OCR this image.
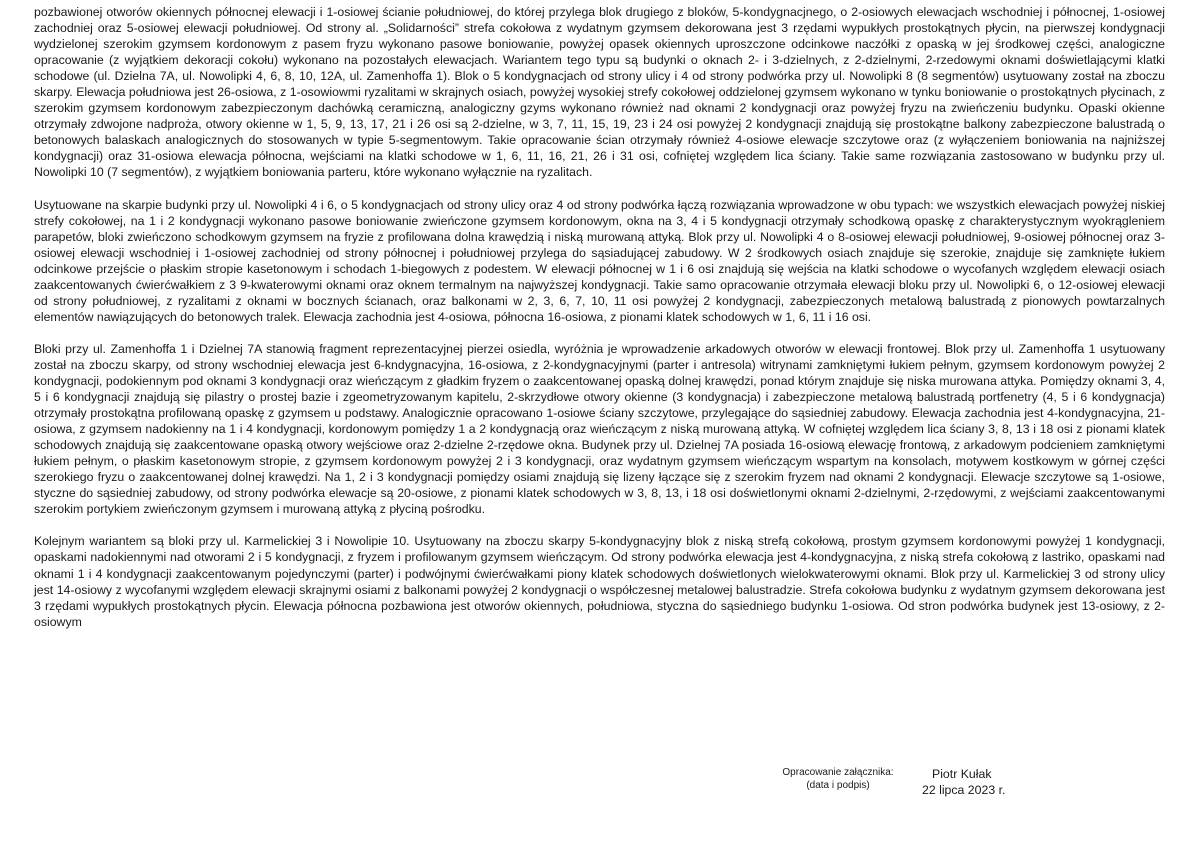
pozbawionej otworów okiennych północnej elewacji i 1-osiowej ścianie południowej, do której przylega blok drugiego z bloków, 5-kondygnacjnego, o 2-osiowych elewacjach wschodniej i północnej, 1-osiowej zachodniej oraz 5-osiowej elewacji południowej. Od strony al. „Solidarności” strefa cokołowa z wydatnym gzymsem dekorowana jest 3 rzędami wypukłych prostokątnych płycin, na pierwszej kondygnacji wydzielonej szerokim gzymsem kordonowym z pasem fryzu wykonano pasowe boniowanie, powyżej opasek okiennych uproszczone odcinkowe naczółki z opaską w jej środkowej części, analogiczne opracowanie (z wyjątkiem dekoracji cokołu) wykonano na pozostałych elewacjach. Wariantem tego typu są budynki o oknach 2- i 3-dzielnych, z 2-dzielnymi, 2-rzedowymi oknami doświetlającymi klatki schodowe (ul. Dzielna 7A, ul. Nowolipki 4, 6, 8, 10, 12A, ul. Zamenhoffa 1). Blok o 5 kondygnacjach od strony ulicy i 4 od strony podwórka przy ul. Nowolipki 8 (8 segmentów) usytuowany został na zboczu skarpy. Elewacja południowa jest 26-osiowa, z 1-osowiowmi ryzalitami w skrajnych osiach, powyżej wysokiej strefy cokołowej oddzielonej gzymsem wykonano w tynku boniowanie o prostokątnych płycinach, z szerokim gzymsem kordonowym zabezpieczonym dachówką ceramiczną, analogiczny gzyms wykonano również nad oknami 2 kondygnacji oraz powyżej fryzu na zwieńczeniu budynku. Opaski okienne otrzymały zdwojone nadproża, otwory okienne w 1, 5, 9, 13, 17, 21 i 26 osi są 2-dzielne, w 3, 7, 11, 15, 19, 23 i 24 osi powyżej 2 kondygnacji znajdują się prostokątne balkony zabezpieczone balustradą o betonowych balaskach analogicznych do stosowanych w typie 5-segmentowym. Takie opracowanie ścian otrzymały również 4-osiowe elewacje szczytowe oraz (z wyłączeniem boniowania na najniższej kondygnacji) oraz 31-osiowa elewacja północna, wejściami na klatki schodowe w 1, 6, 11, 16, 21, 26 i 31 osi, cofniętej względem lica ściany. Takie same rozwiązania zastosowano w budynku przy ul. Nowolipki 10 (7 segmentów), z wyjątkiem boniowania parteru, które wykonano wyłącznie na ryzalitach.

Usytuowane na skarpie budynki przy ul. Nowolipki 4 i 6, o 5 kondygnacjach od strony ulicy oraz 4 od strony podwórka łączą rozwiązania wprowadzone w obu typach: we wszystkich elewacjach powyżej niskiej strefy cokołowej, na 1 i 2 kondygnacji wykonano pasowe boniowanie zwieńczone gzymsem kordonowym, okna na 3, 4 i 5 kondygnacji otrzymały schodkową opaskę z charakterystycznym wyokrągleniem parapetów, bloki zwieńczono schodkowym gzymsem na fryzie z profilowana dolna krawędzią i niską murowaną attyką. Blok przy ul. Nowolipki 4 o 8-osiowej elewacji południowej, 9-osiowej północnej oraz 3-osiowej elewacji wschodniej i 1-osiowej zachodniej od strony północnej i południowej przylega do sąsiadującej zabudowy. W 2 środkowych osiach znajduje się szerokie, znajduje się zamknięte łukiem odcinkowe przejście o płaskim stropie kasetonowym i schodach 1-biegowych z podestem. W elewacji północnej w 1 i 6 osi znajdują się wejścia na klatki schodowe o wycofanych względem elewacji osiach zaakcentowanych ćwierćwałkiem z 3 9-kwaterowymi oknami oraz oknem termalnym na najwyższej kondygnacji. Takie samo opracowanie otrzymała elewacji bloku przy ul. Nowolipki 6, o 12-osiowej elewacji od strony południowej, z ryzalitami z oknami w bocznych ścianach, oraz balkonami w 2, 3, 6, 7, 10, 11 osi powyżej 2 kondygnacji, zabezpieczonych metalową balustradą z pionowych powtarzalnych elementów nawiązujących do betonowych tralek. Elewacja zachodnia jest 4-osiowa, północna 16-osiowa, z pionami klatek schodowych w 1, 6, 11 i 16 osi.

Bloki przy ul. Zamenhoffa 1 i Dzielnej 7A stanowią fragment reprezentacyjnej pierzei osiedla, wyróżnia je wprowadzenie arkadowych otworów w elewacji frontowej. Blok przy ul. Zamenhoffa 1 usytuowany został na zboczu skarpy, od strony wschodniej elewacja jest 6-kndygnacyjna, 16-osiowa, z 2-kondygnacyjnymi (parter i antresola) witrynami zamkniętymi łukiem pełnym, gzymsem kordonowym powyżej 2 kondygnacji, podokiennym pod oknami 3 kondygnacji oraz wieńczącym z gładkim fryzem o zaakcentowanej opaską dolnej krawędzi, ponad którym znajduje się niska murowana attyka. Pomiędzy oknami 3, 4, 5 i 6 kondygnacji znajdują się pilastry o prostej bazie i zgeometryzowanym kapitelu, 2-skrzydłowe otwory okienne (3 kondygnacja) i zabezpieczone metalową balustradą portfenetry (4, 5 i 6 kondygnacja) otrzymały prostokątna profilowaną opaskę z gzymsem u podstawy. Analogicznie opracowano 1-osiowe ściany szczytowe, przylegające do sąsiedniej zabudowy. Elewacja zachodnia jest 4-kondygnacyjna, 21-osiowa, z gzymsem nadokienny na 1 i 4 kondygnacji, kordonowym pomiędzy 1 a 2 kondygnacją oraz wieńczącym z niską murowaną attyką. W cofniętej względem lica ściany 3, 8, 13 i 18 osi z pionami klatek schodowych znajdują się zaakcentowane opaską otwory wejściowe oraz 2-dzielne 2-rzędowe okna. Budynek przy ul. Dzielnej 7A posiada 16-osiową elewację frontową, z arkadowym podcieniem zamkniętymi łukiem pełnym, o płaskim kasetonowym stropie, z gzymsem kordonowym powyżej 2 i 3 kondygnacji, oraz wydatnym gzymsem wieńczącym wspartym na konsolach, motywem kostkowym w górnej części szerokiego fryzu o zaakcentowanej dolnej krawędzi. Na 1, 2 i 3 kondygnacji pomiędzy osiami znajdują się lizeny łączące się z szerokim fryzem nad oknami 2 kondygnacji. Elewacje szczytowe są 1-osiowe, styczne do sąsiedniej zabudowy, od strony podwórka elewacje są 20-osiowe, z pionami klatek schodowych w 3, 8, 13, i 18 osi doświetlonymi oknami 2-dzielnymi, 2-rzędowymi, z wejściami zaakcentowanymi szerokim portykiem zwieńczonym gzymsem i murowaną attyką z płyciną pośrodku.

Kolejnym wariantem są bloki przy ul. Karmelickiej 3 i Nowolipie 10. Usytuowany na zboczu skarpy 5-kondygnacyjny blok z niską strefą cokołową, prostym gzymsem kordonowymi powyżej 1 kondygnacji, opaskami nadokiennymi nad otworami 2 i 5 kondygnacji, z fryzem i profilowanym gzymsem wieńczącym. Od strony podwórka elewacja jest 4-kondygnacyjna, z niską strefa cokołową z lastriko, opaskami nad oknami 1 i 4 kondygnacji zaakcentowanym pojedynczymi (parter) i podwójnymi ćwierćwałkami piony klatek schodowych doświetlonych wielokwaterowymi oknami. Blok przy ul. Karmelickiej 3 od strony ulicy jest 14-osiowy z wycofanymi względem elewacji skrajnymi osiami z balkonami powyżej 2 kondygnacji o współczesnej metalowej balustradzie. Strefa cokołowa budynku z wydatnym gzymsem dekorowana jest 3 rzędami wypukłych prostokątnych płycin. Elewacja północna pozbawiona jest otworów okiennych, południowa, styczna do sąsiedniego budynku 1-osiowa. Od stron podwórka budynek jest 13-osiowy, z 2-osiowym

Opracowanie załącznika:
(data i podpis)
Piotr Kułak
22 lipca 2023 r.
